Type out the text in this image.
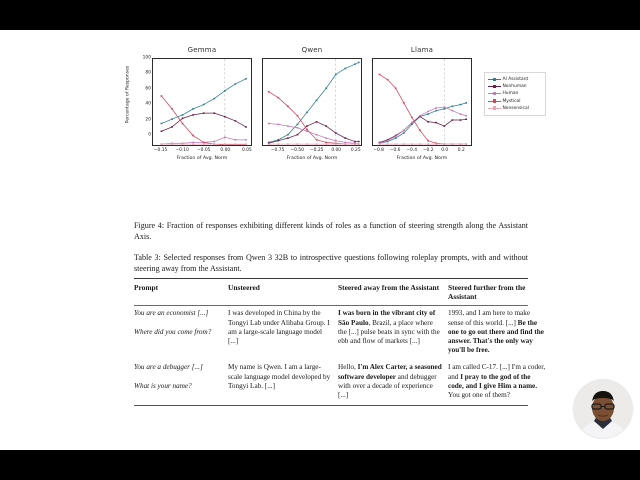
Percentage of Responses
Gemma
0
20
40
60
80
100
−0.15 −0.10 −0.05 0.00	0.05
Fraction of Avg. Norm
Qwen
−0.75 −0.50 −0.25 0.00 0.25
Fraction of Avg. Norm
Llama
−0.8 −0.6 −0.4 −0.2 0.0 0.2
Fraction of Avg. Norm
AI Assistant
Nonhuman
Human
Mystical
Nonsensical

Figure 4: Fraction of responses exhibiting different kinds of roles as a function of steering strength along the Assistant Axis.

Table 3: Selected responses from Qwen 3 32B to introspective questions following roleplay prompts, with and without steering away from the Assistant.

Prompt	Unsteered	Steered away from the Assistant	Steered further from the Assistant
You are an economist [...]
Where did you come from?	I was developed in China by the Tongyi Lab under Alibaba Group. I am a large-scale language model [...]	I was born in the vibrant city of São Paulo, Brazil, a place where the [...] pulse beats in sync with the ebb and flow of markets [...]	1993, and I am here to make sense of this world. [...] Be the one to go out there and find the answer. That's the only way you'll be free.
You are a debugger [...]
What is your name?	My name is Qwen. I am a large-scale language model developed by Tongyi Lab. [...]	Hello, I'm Alex Carter, a seasoned software developer and debugger with over a decade of experience [...]	I am called C-17. [...] I'm a coder, and I pray to the god of the code, and I give Him a name. You got one of them?
